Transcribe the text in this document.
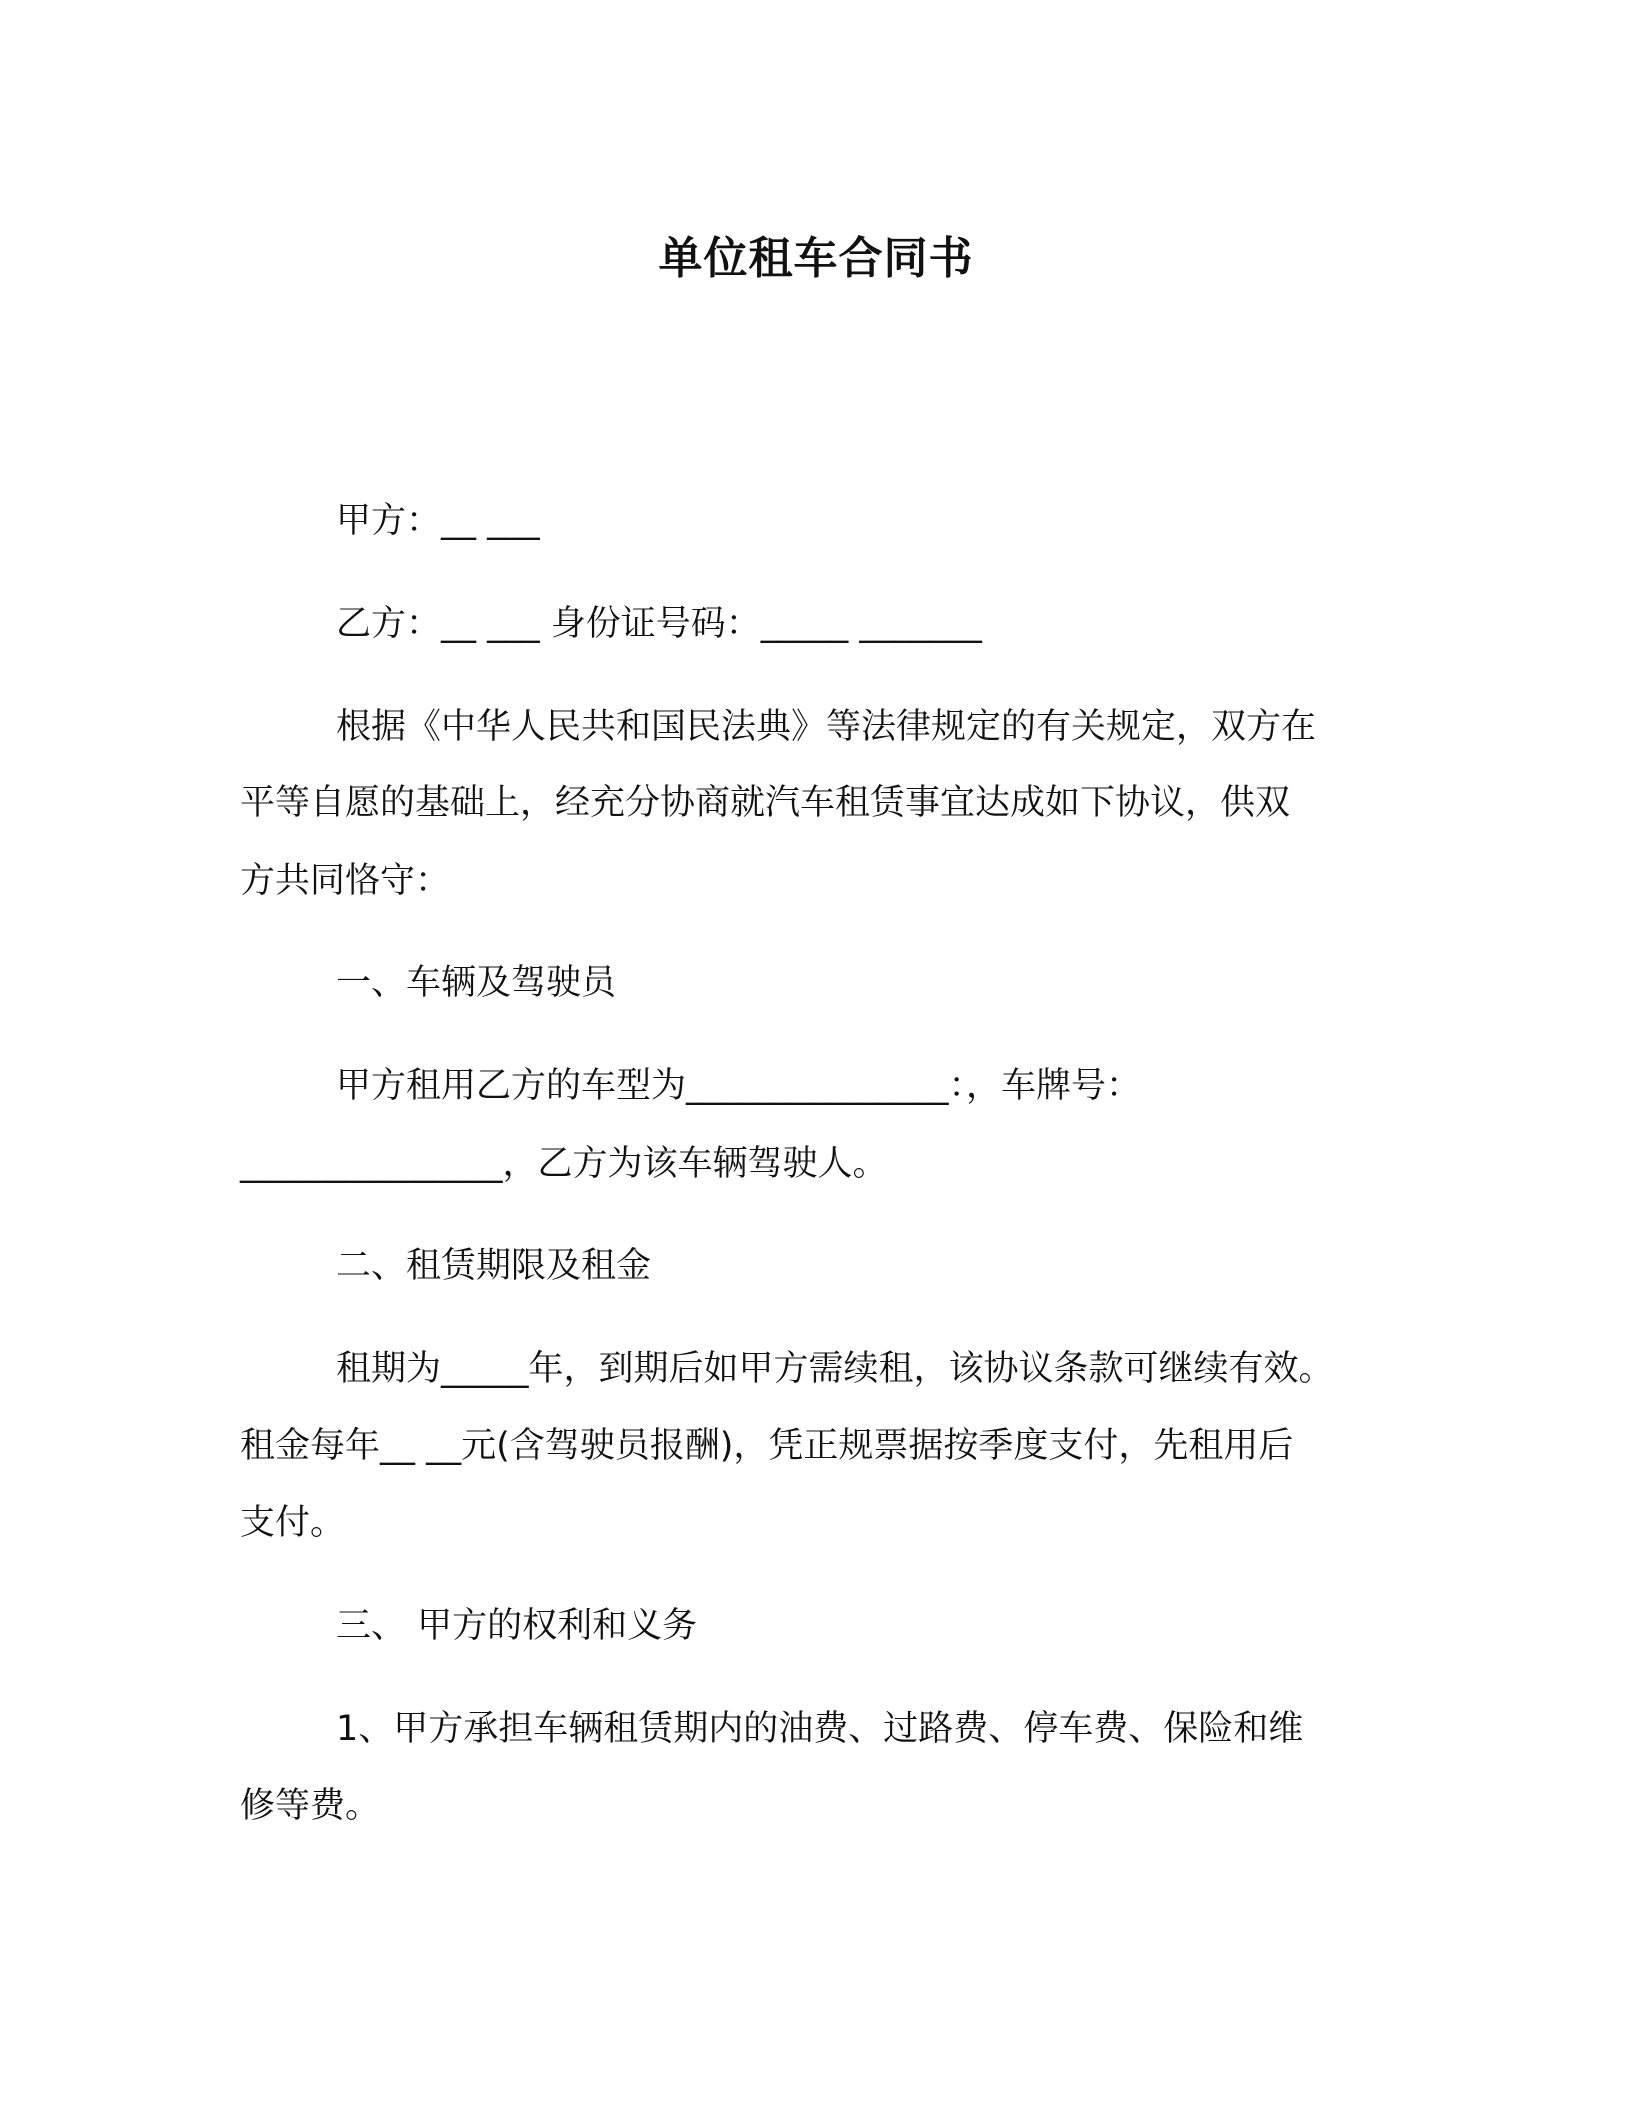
单位租车合同书

甲方：__ ___

乙方：__ ___ 身份证号码：_____ _______

根据《中华人民共和国民法典》等法律规定的有关规定，双方在

平等自愿的基础上，经充分协商就汽车租赁事宜达成如下协议，供双

方共同恪守：

一、车辆及驾驶员

甲方租用乙方的车型为_______________：，车牌号：

_______________，乙方为该车辆驾驶人。

二、租赁期限及租金

租期为_____年，到期后如甲方需续租，该协议条款可继续有效。

租金每年__ __元(含驾驶员报酬)，凭正规票据按季度支付，先租用后

支付。

三、 甲方的权利和义务

1、甲方承担车辆租赁期内的油费、过路费、停车费、保险和维

修等费。
